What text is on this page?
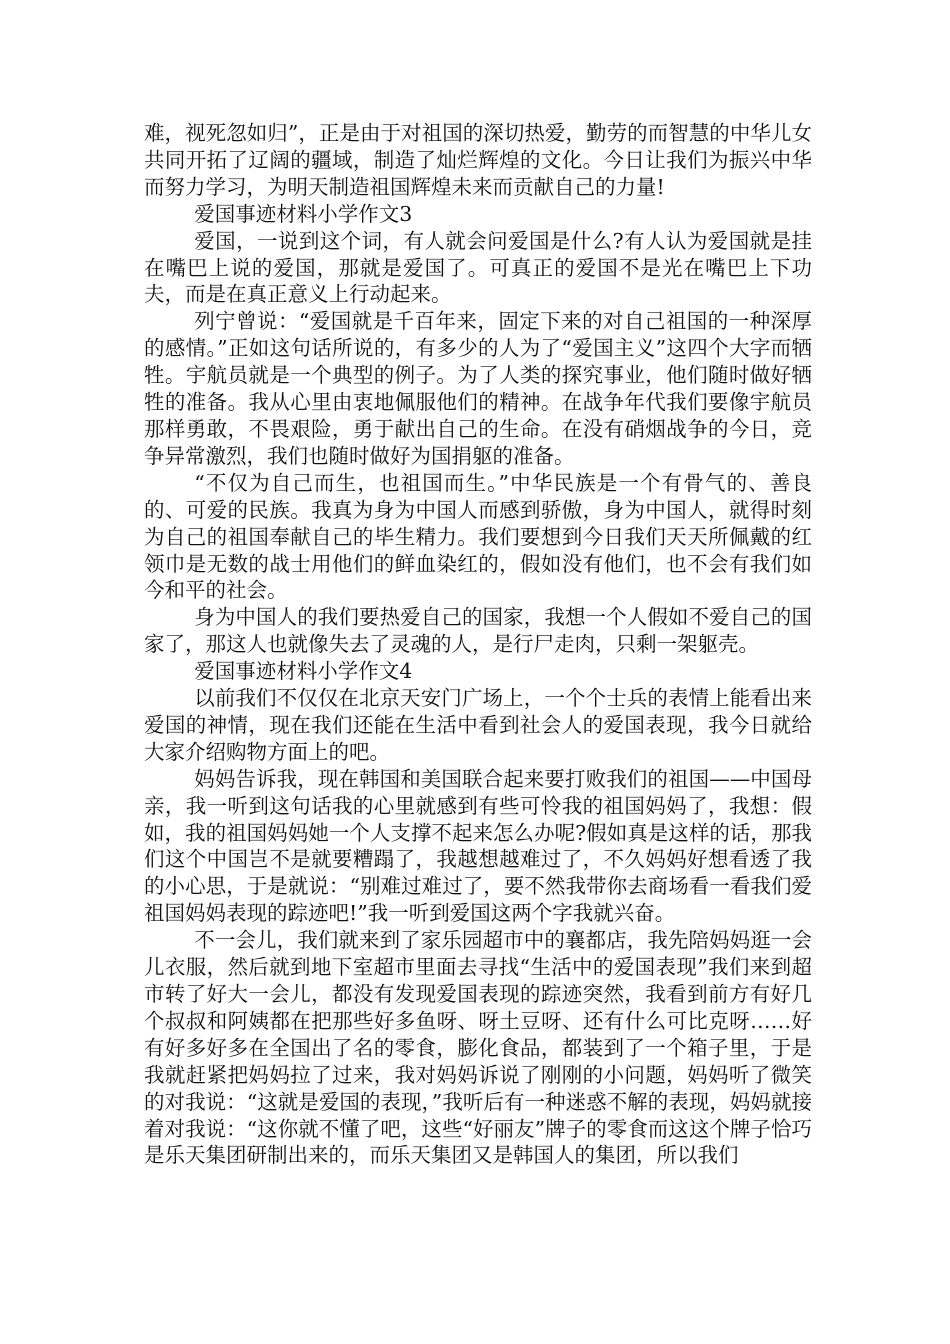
难，视死忽如归”，正是由于对祖国的深切热爱，勤劳的而智慧的中华儿女共同开拓了辽阔的疆域，制造了灿烂辉煌的文化。今日让我们为振兴中华而努力学习，为明天制造祖国辉煌未来而贡献自己的力量!

爱国事迹材料小学作文3

爱国，一说到这个词，有人就会问爱国是什么?有人认为爱国就是挂在嘴巴上说的爱国，那就是爱国了。可真正的爱国不是光在嘴巴上下功夫，而是在真正意义上行动起来。

列宁曾说：“爱国就是千百年来，固定下来的对自己祖国的一种深厚的感情。”正如这句话所说的，有多少的人为了“爱国主义”这四个大字而牺牲。宇航员就是一个典型的例子。为了人类的探究事业，他们随时做好牺牲的准备。我从心里由衷地佩服他们的精神。在战争年代我们要像宇航员那样勇敢，不畏艰险，勇于献出自己的生命。在没有硝烟战争的今日，竞争异常激烈，我们也随时做好为国捐躯的准备。

“不仅为自己而生，也祖国而生。”中华民族是一个有骨气的、善良的、可爱的民族。我真为身为中国人而感到骄傲，身为中国人，就得时刻为自己的祖国奉献自己的毕生精力。我们要想到今日我们天天所佩戴的红领巾是无数的战士用他们的鲜血染红的，假如没有他们，也不会有我们如今和平的社会。

身为中国人的我们要热爱自己的国家，我想一个人假如不爱自己的国家了，那这人也就像失去了灵魂的人，是行尸走肉，只剩一架躯壳。

爱国事迹材料小学作文4

以前我们不仅仅在北京天安门广场上，一个个士兵的表情上能看出来爱国的神情，现在我们还能在生活中看到社会人的爱国表现，我今日就给大家介绍购物方面上的吧。

妈妈告诉我，现在韩国和美国联合起来要打败我们的祖国——中国母亲，我一听到这句话我的心里就感到有些可怜我的祖国妈妈了，我想：假如，我的祖国妈妈她一个人支撑不起来怎么办呢?假如真是这样的话，那我们这个中国岂不是就要糟蹋了，我越想越难过了，不久妈妈好想看透了我的小心思，于是就说：“别难过难过了，要不然我带你去商场看一看我们爱祖国妈妈表现的踪迹吧!”我一听到爱国这两个字我就兴奋。

不一会儿，我们就来到了家乐园超市中的襄都店，我先陪妈妈逛一会儿衣服，然后就到地下室超市里面去寻找“生活中的爱国表现”我们来到超市转了好大一会儿，都没有发现爱国表现的踪迹突然，我看到前方有好几个叔叔和阿姨都在把那些好多鱼呀、呀土豆呀、还有什么可比克呀……好有好多好多在全国出了名的零食，膨化食品，都装到了一个箱子里，于是我就赶紧把妈妈拉了过来，我对妈妈诉说了刚刚的小问题，妈妈听了微笑的对我说：“这就是爱国的表现，”我听后有一种迷惑不解的表现，妈妈就接着对我说：“这你就不懂了吧，这些“好丽友”牌子的零食而这这个牌子恰巧是乐天集团研制出来的，而乐天集团又是韩国人的集团，所以我们
